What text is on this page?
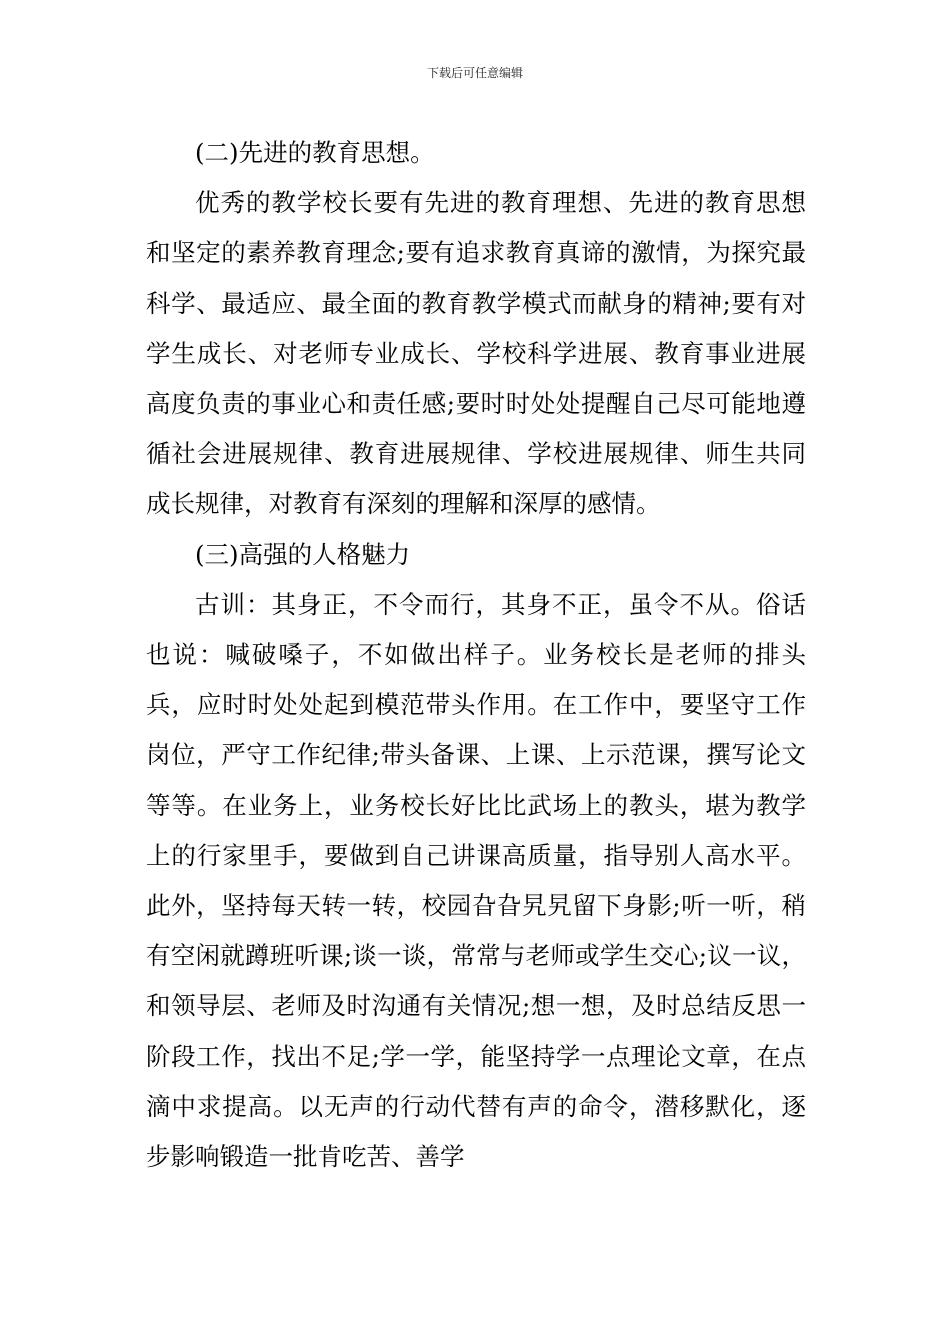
下载后可任意编辑

(二)先进的教育思想。

优秀的教学校长要有先进的教育理想、先进的教育思想和坚定的素养教育理念;要有追求教育真谛的激情，为探究最科学、最适应、最全面的教育教学模式而献身的精神;要有对学生成长、对老师专业成长、学校科学进展、教育事业进展高度负责的事业心和责任感;要时时处处提醒自己尽可能地遵循社会进展规律、教育进展规律、学校进展规律、师生共同成长规律，对教育有深刻的理解和深厚的感情。

(三)高强的人格魅力

古训：其身正，不令而行，其身不正，虽令不从。俗话也说：喊破嗓子，不如做出样子。业务校长是老师的排头兵，应时时处处起到模范带头作用。在工作中，要坚守工作岗位，严守工作纪律;带头备课、上课、上示范课，撰写论文等等。在业务上，业务校长好比比武场上的教头，堪为教学上的行家里手，要做到自己讲课高质量，指导别人高水平。此外，坚持每天转一转，校园旮旮旯旯留下身影;听一听，稍有空闲就蹲班听课;谈一谈，常常与老师或学生交心;议一议，和领导层、老师及时沟通有关情况;想一想，及时总结反思一阶段工作，找出不足;学一学，能坚持学一点理论文章，在点滴中求提高。以无声的行动代替有声的命令，潜移默化，逐步影响锻造一批肯吃苦、善学
